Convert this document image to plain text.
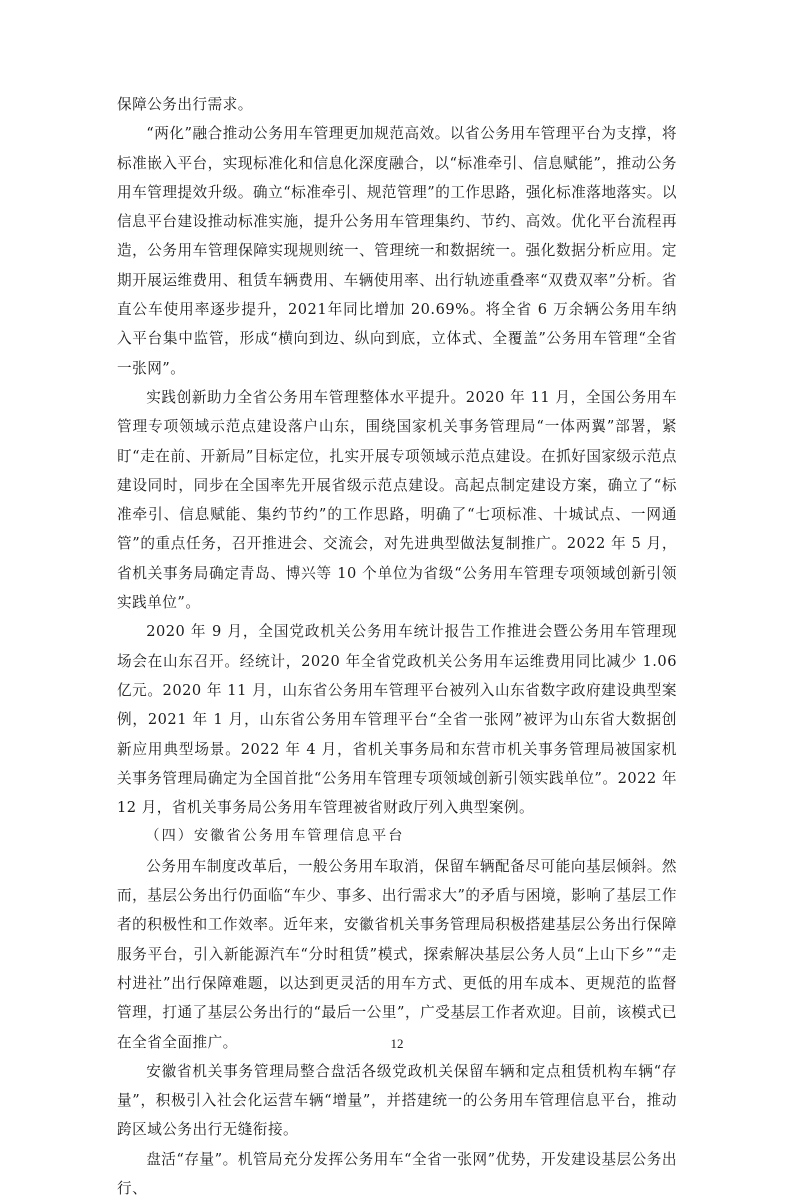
保障公务出行需求。

“两化”融合推动公务用车管理更加规范高效。以省公务用车管理平台为支撑，将标准嵌入平台，实现标准化和信息化深度融合，以“标准牵引、信息赋能”，推动公务用车管理提效升级。确立“标准牵引、规范管理”的工作思路，强化标准落地落实。以信息平台建设推动标准实施，提升公务用车管理集约、节约、高效。优化平台流程再造，公务用车管理保障实现规则统一、管理统一和数据统一。强化数据分析应用。定期开展运维费用、租赁车辆费用、车辆使用率、出行轨迹重叠率“双费双率”分析。省直公车使用率逐步提升，2021年同比增加 20.69%。将全省 6 万余辆公务用车纳入平台集中监管，形成“横向到边、纵向到底，立体式、全覆盖”公务用车管理“全省一张网”。

实践创新助力全省公务用车管理整体水平提升。2020 年 11 月，全国公务用车管理专项领域示范点建设落户山东，围绕国家机关事务管理局“一体两翼”部署，紧盯“走在前、开新局”目标定位，扎实开展专项领域示范点建设。在抓好国家级示范点建设同时，同步在全国率先开展省级示范点建设。高起点制定建设方案，确立了“标准牵引、信息赋能、集约节约”的工作思路，明确了“七项标准、十城试点、一网通管”的重点任务，召开推进会、交流会，对先进典型做法复制推广。2022 年 5 月，省机关事务局确定青岛、博兴等 10 个单位为省级“公务用车管理专项领域创新引领实践单位”。

2020 年 9 月，全国党政机关公务用车统计报告工作推进会暨公务用车管理现场会在山东召开。经统计，2020 年全省党政机关公务用车运维费用同比减少 1.06 亿元。2020 年 11 月，山东省公务用车管理平台被列入山东省数字政府建设典型案例，2021 年 1 月，山东省公务用车管理平台“全省一张网”被评为山东省大数据创新应用典型场景。2022 年 4 月，省机关事务局和东营市机关事务管理局被国家机关事务管理局确定为全国首批“公务用车管理专项领域创新引领实践单位”。2022 年 12 月，省机关事务局公务用车管理被省财政厅列入典型案例。

（四）安徽省公务用车管理信息平台

公务用车制度改革后，一般公务用车取消，保留车辆配备尽可能向基层倾斜。然而，基层公务出行仍面临“车少、事多、出行需求大”的矛盾与困境，影响了基层工作者的积极性和工作效率。近年来，安徽省机关事务管理局积极搭建基层公务出行保障服务平台，引入新能源汽车“分时租赁”模式，探索解决基层公务人员“上山下乡”“走村进社”出行保障难题，以达到更灵活的用车方式、更低的用车成本、更规范的监督管理，打通了基层公务出行的“最后一公里”，广受基层工作者欢迎。目前，该模式已在全省全面推广。

安徽省机关事务管理局整合盘活各级党政机关保留车辆和定点租赁机构车辆“存量”，积极引入社会化运营车辆“增量”，并搭建统一的公务用车管理信息平台，推动跨区域公务出行无缝衔接。

盘活“存量”。机管局充分发挥公务用车“全省一张网”优势，开发建设基层公务出行、

12
